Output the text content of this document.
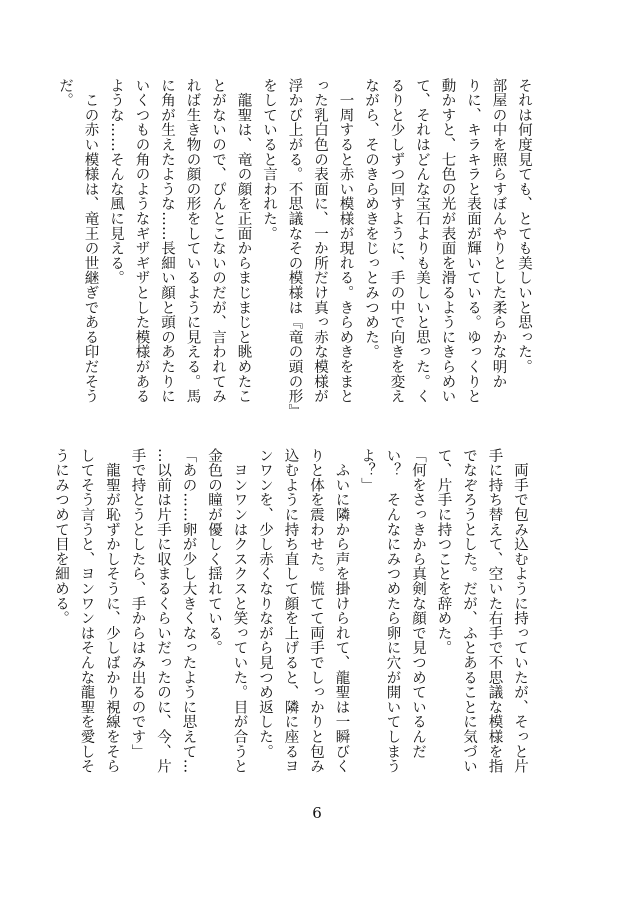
それは何度見ても、とても美しいと思った。
部屋の中を照らすぼんやりとした柔らかな明か
りに、キラキラと表面が輝いている。ゆっくりと
動かすと、七色の光が表面を滑るようにきらめい
て、それはどんな宝石よりも美しいと思った。く
るりと少しずつ回すように、手の中で向きを変え
ながら、そのきらめきをじっとみつめた。
　一周すると赤い模様が現れる。きらめきをまと
った乳白色の表面に、一か所だけ真っ赤な模様が
浮かび上がる。不思議なその模様は『竜の頭の形』
をしていると言われた。
　龍聖は、竜の顔を正面からまじまじと眺めたこ
とがないので、ぴんとこないのだが、言われてみ
れば生き物の顔の形をしているように見える。馬
に角が生えたような……長細い顔と頭のあたりに
いくつもの角のようなギザギザとした模様がある
ような……そんな風に見える。
　この赤い模様は、竜王の世継ぎである印だそう
だ。
　両手で包み込むように持っていたが、そっと片
手に持ち替えて、空いた右手で不思議な模様を指
でなぞろうとした。だが、ふとあることに気づい
て、片手に持つことを辞めた。
「何をさっきから真剣な顔で見つめているんだ
い？　そんなにみつめたら卵に穴が開いてしまう
よ？」
　ふいに隣から声を掛けられて、龍聖は一瞬びく
りと体を震わせた。慌てて両手でしっかりと包み
込むように持ち直して顔を上げると、隣に座るヨ
ンワンを、少し赤くなりながら見つめ返した。
　ヨンワンはクスクスと笑っていた。目が合うと
金色の瞳が優しく揺れている。
「あの……卵が少し大きくなったように思えて…
…以前は片手に収まるくらいだったのに、今、片
手で持とうとしたら、手からはみ出るのです」
　龍聖が恥ずかしそうに、少しばかり視線をそら
してそう言うと、ヨンワンはそんな龍聖を愛しそ
うにみつめて目を細める。
6
